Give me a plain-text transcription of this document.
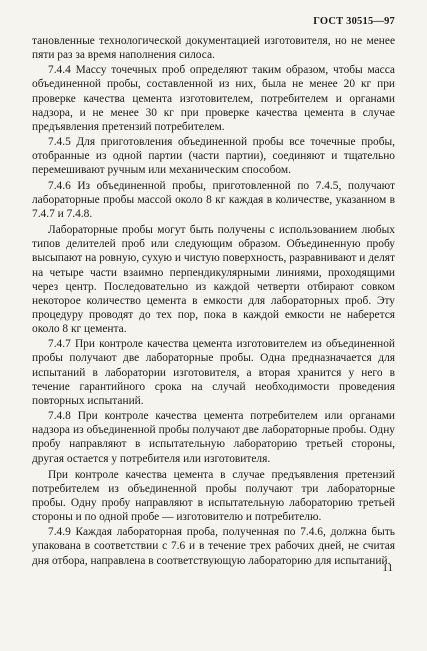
ГОСТ 30515—97

тановленные технологической документацией изготовителя, но не менее пяти раз за время наполнения силоса.

7.4.4 Массу точечных проб определяют таким образом, чтобы масса объединенной пробы, составленной из них, была не менее 20 кг при проверке качества цемента изготовителем, потребителем и органами надзора, и не менее 30 кг при проверке качества цемента в случае предъявления претензий потребителем.

7.4.5 Для приготовления объединенной пробы все точечные пробы, отобранные из одной партии (части партии), соединяют и тщательно перемешивают ручным или механическим способом.

7.4.6 Из объединенной пробы, приготовленной по 7.4.5, получают лабораторные пробы массой около 8 кг каждая в количестве, указанном в 7.4.7 и 7.4.8.

Лабораторные пробы могут быть получены с использованием любых типов делителей проб или следующим образом. Объединенную пробу высыпают на ровную, сухую и чистую поверхность, разравнивают и делят на четыре части взаимно перпендикулярными линиями, проходящими через центр. Последовательно из каждой четверти отбирают совком некоторое количество цемента в емкости для лабораторных проб. Эту процедуру проводят до тех пор, пока в каждой емкости не наберется около 8 кг цемента.

7.4.7 При контроле качества цемента изготовителем из объединенной пробы получают две лабораторные пробы. Одна предназначается для испытаний в лаборатории изготовителя, а вторая хранится у него в течение гарантийного срока на случай необходимости проведения повторных испытаний.

7.4.8 При контроле качества цемента потребителем или органами надзора из объединенной пробы получают две лабораторные пробы. Одну пробу направляют в испытательную лабораторию третьей стороны, другая остается у потребителя или изготовителя.

При контроле качества цемента в случае предъявления претензий потребителем из объединенной пробы получают три лабораторные пробы. Одну пробу направляют в испытательную лабораторию третьей стороны и по одной пробе — изготовителю и потребителю.

7.4.9 Каждая лабораторная проба, полученная по 7.4.6, должна быть упакована в соответствии с 7.6 и в течение трех рабочих дней, не считая дня отбора, направлена в соответствующую лабораторию для испытаний.

11
